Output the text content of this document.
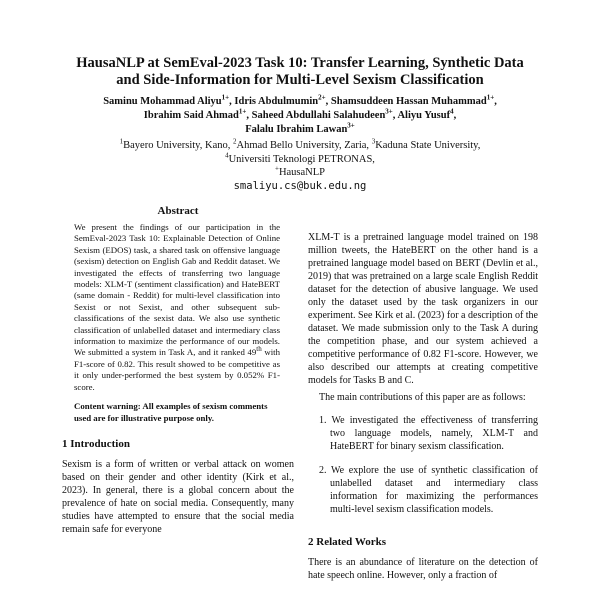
HausaNLP at SemEval-2023 Task 10: Transfer Learning, Synthetic Data
and Side-Information for Multi-Level Sexism Classification
Saminu Mohammad Aliyu$^{1+}$, Idris Abdulmumin$^{2+}$, Shamsuddeen Hassan Muhammad$^{1+}$,
Ibrahim Said Ahmad$^{1+}$, Saheed Abdullahi Salahudeen$^{3+}$, Aliyu Yusuf$^4$,
Falalu Ibrahim Lawan$^{3+}$
$^1$Bayero University, Kano, $^2$Ahmad Bello University, Zaria, $^3$Kaduna State University,
$^4$Universiti Teknologi PETRONAS,
+HausaNLP
smaliyu.cs@buk.edu.ng
Abstract

We present the findings of our participation in the SemEval-2023 Task 10: Explainable Detection of Online Sexism (EDOS) task, a shared task on offensive language (sexism) detection on English Gab and Reddit dataset. We investigated the effects of transferring two language models: XLM-T (sentiment classification) and HateBERT (same domain - Reddit) for multi-level classification into Sexist or not Sexist, and other subsequent sub-classifications of the sexist data. We also use synthetic classification of unlabelled dataset and intermediary class information to maximize the performance of our models. We submitted a system in Task A, and it ranked 49th with F1-score of 0.82. This result showed to be competitive as it only under-performed the best system by 0.052% F1-score.

Content warning: All examples of sexism comments used are for illustrative purpose only.

1 Introduction

Sexism is a form of written or verbal attack on women based on their gender and other identity (Kirk et al., 2023). In general, there is a global concern about the prevalence of hate on social media. Consequently, many studies have attempted to ensure that the social media remain safe for everyone

XLM-T is a pretrained language model trained on 198 million tweets, the HateBERT on the other hand is a pretrained language model based on BERT (Devlin et al., 2019) that was pretrained on a large scale English Reddit dataset for the detection of abusive language. We used only the dataset used by the task organizers in our experiment. See Kirk et al. (2023) for a description of the dataset. We made submission only to the Task A during the competition phase, and our system achieved a competitive performance of 0.82 F1-score. However, we also described our attempts at creating competitive models for Tasks B and C.

The main contributions of this paper are as follows:

1. We investigated the effectiveness of transferring two language models, namely, XLM-T and HateBERT for binary sexism classification.
2. We explore the use of synthetic classification of unlabelled dataset and intermediary class information for maximizing the performances multi-level sexism classification models.
2 Related Works

There is an abundance of literature on the detection of hate speech online. However, only a fraction of
